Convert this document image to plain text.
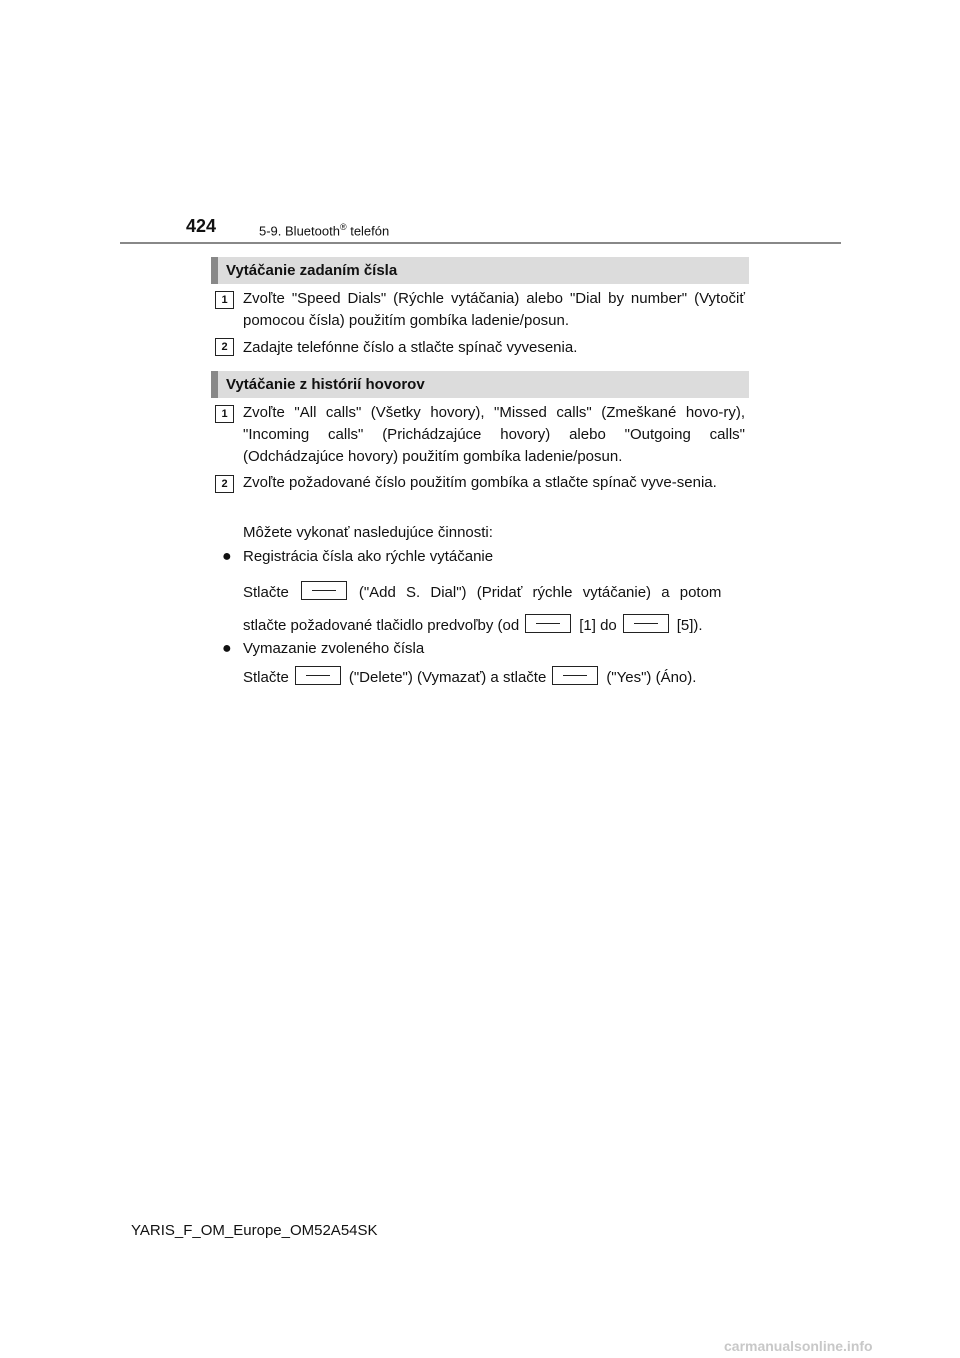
424	5-9. Bluetooth® telefón
Vytáčanie zadaním čísla
1	Zvoľte "Speed Dials" (Rýchle vytáčania) alebo "Dial by number" (Vytočiť pomocou čísla) použitím gombíka ladenie/posun.

2	Zadajte telefónne číslo a stlačte spínač vyvesenia.

Vytáčanie z histórií hovorov
1	Zvoľte "All calls" (Všetky hovory), "Missed calls" (Zmeškané hovo-ry), "Incoming calls" (Prichádzajúce hovory) alebo "Outgoing calls" (Odchádzajúce hovory) použitím gombíka ladenie/posun.

2	Zvoľte požadované číslo použitím gombíka a stlačte spínač vyve-senia.

Môžete vykonať nasledujúce činnosti:

● Registrácia čísla ako rýchle vytáčanie

Stlačte	("Add S. Dial") (Pridať rýchle vytáčanie) a potom

stlačte požadované tlačidlo predvoľby (od	[1] do	[5]).

● Vymazanie zvoleného čísla

Stlačte	("Delete") (Vymazať) a stlačte	("Yes") (Áno).

YARIS_F_OM_Europe_OM52A54SK
carmanualsonline.info
